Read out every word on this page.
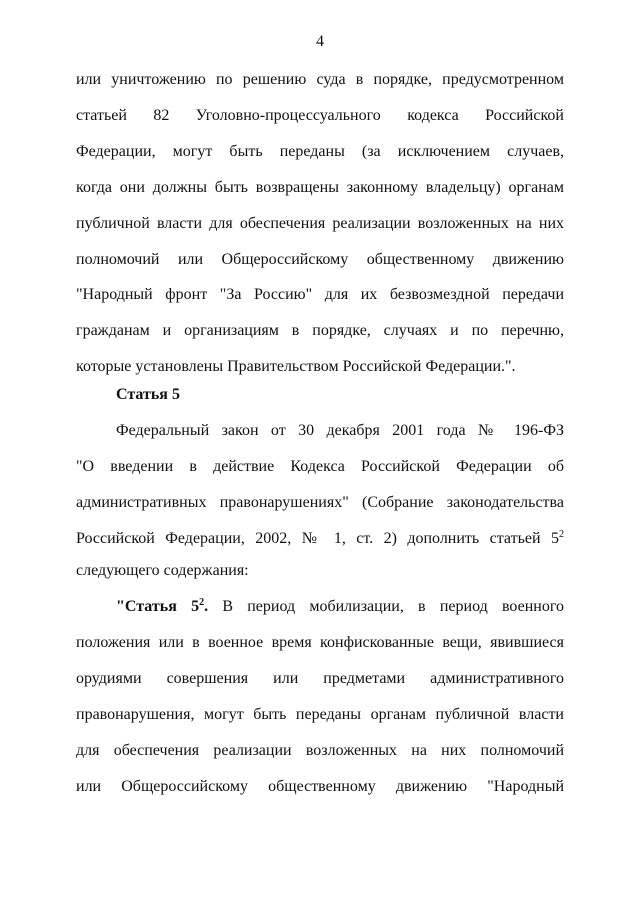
4
или уничтожению по решению суда в порядке, предусмотренном
статьей 82 Уголовно-процессуального кодекса Российской
Федерации, могут быть переданы (за исключением случаев,
когда они должны быть возвращены законному владельцу) органам
публичной власти для обеспечения реализации возложенных на них
полномочий или Общероссийскому общественному движению
"Народный фронт "За Россию" для их безвозмездной передачи
гражданам и организациям в порядке, случаях и по перечню,
которые установлены Правительством Российской Федерации.".
Статья 5
Федеральный закон от 30 декабря 2001 года № 196-ФЗ
"О введении в действие Кодекса Российской Федерации об
административных правонарушениях" (Собрание законодательства
Российской Федерации, 2002, № 1, ст. 2) дополнить статьей $5^2$
следующего содержания:
"Статья $5^2$. В период мобилизации, в период военного
положения или в военное время конфискованные вещи, явившиеся
орудиями совершения или предметами административного
правонарушения, могут быть переданы органам публичной власти
для обеспечения реализации возложенных на них полномочий
или Общероссийскому общественному движению "Народный
